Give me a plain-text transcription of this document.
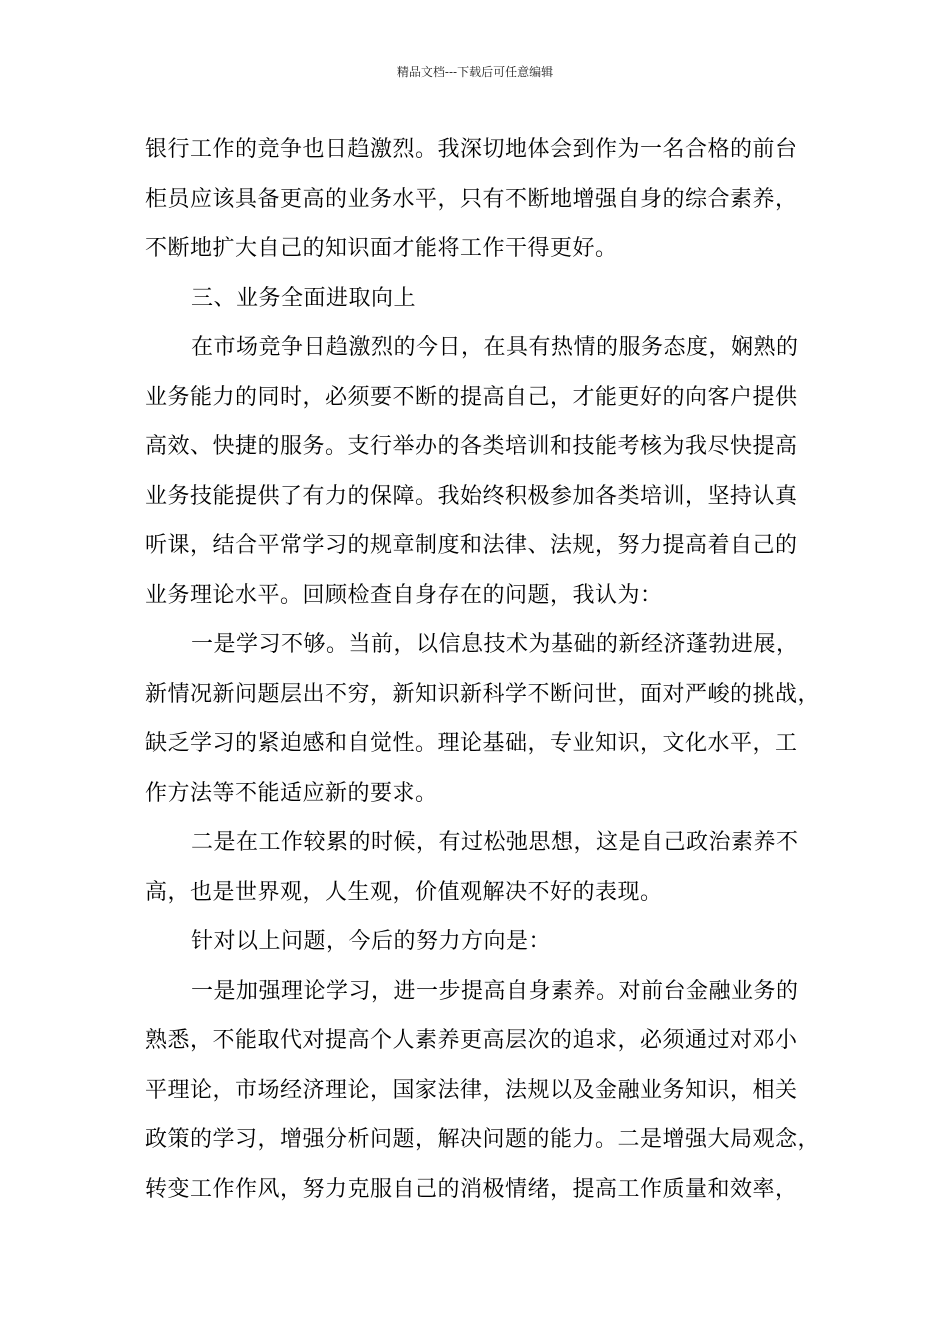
精品文档---下载后可任意编辑
银行工作的竞争也日趋激烈。我深切地体会到作为一名合格的前台
柜员应该具备更高的业务水平，只有不断地增强自身的综合素养，
不断地扩大自己的知识面才能将工作干得更好。
三、业务全面进取向上
在市场竞争日趋激烈的今日，在具有热情的服务态度，娴熟的
业务能力的同时，必须要不断的提高自己，才能更好的向客户提供
高效、快捷的服务。支行举办的各类培训和技能考核为我尽快提高
业务技能提供了有力的保障。我始终积极参加各类培训，坚持认真
听课，结合平常学习的规章制度和法律、法规，努力提高着自己的
业务理论水平。回顾检查自身存在的问题，我认为：
一是学习不够。当前，以信息技术为基础的新经济蓬勃进展，
新情况新问题层出不穷，新知识新科学不断问世，面对严峻的挑战，
缺乏学习的紧迫感和自觉性。理论基础，专业知识，文化水平，工
作方法等不能适应新的要求。
二是在工作较累的时候，有过松弛思想，这是自己政治素养不
高，也是世界观，人生观，价值观解决不好的表现。
针对以上问题，今后的努力方向是：
一是加强理论学习，进一步提高自身素养。对前台金融业务的
熟悉，不能取代对提高个人素养更高层次的追求，必须通过对邓小
平理论，市场经济理论，国家法律，法规以及金融业务知识，相关
政策的学习，增强分析问题，解决问题的能力。二是增强大局观念，
转变工作作风，努力克服自己的消极情绪，提高工作质量和效率，
